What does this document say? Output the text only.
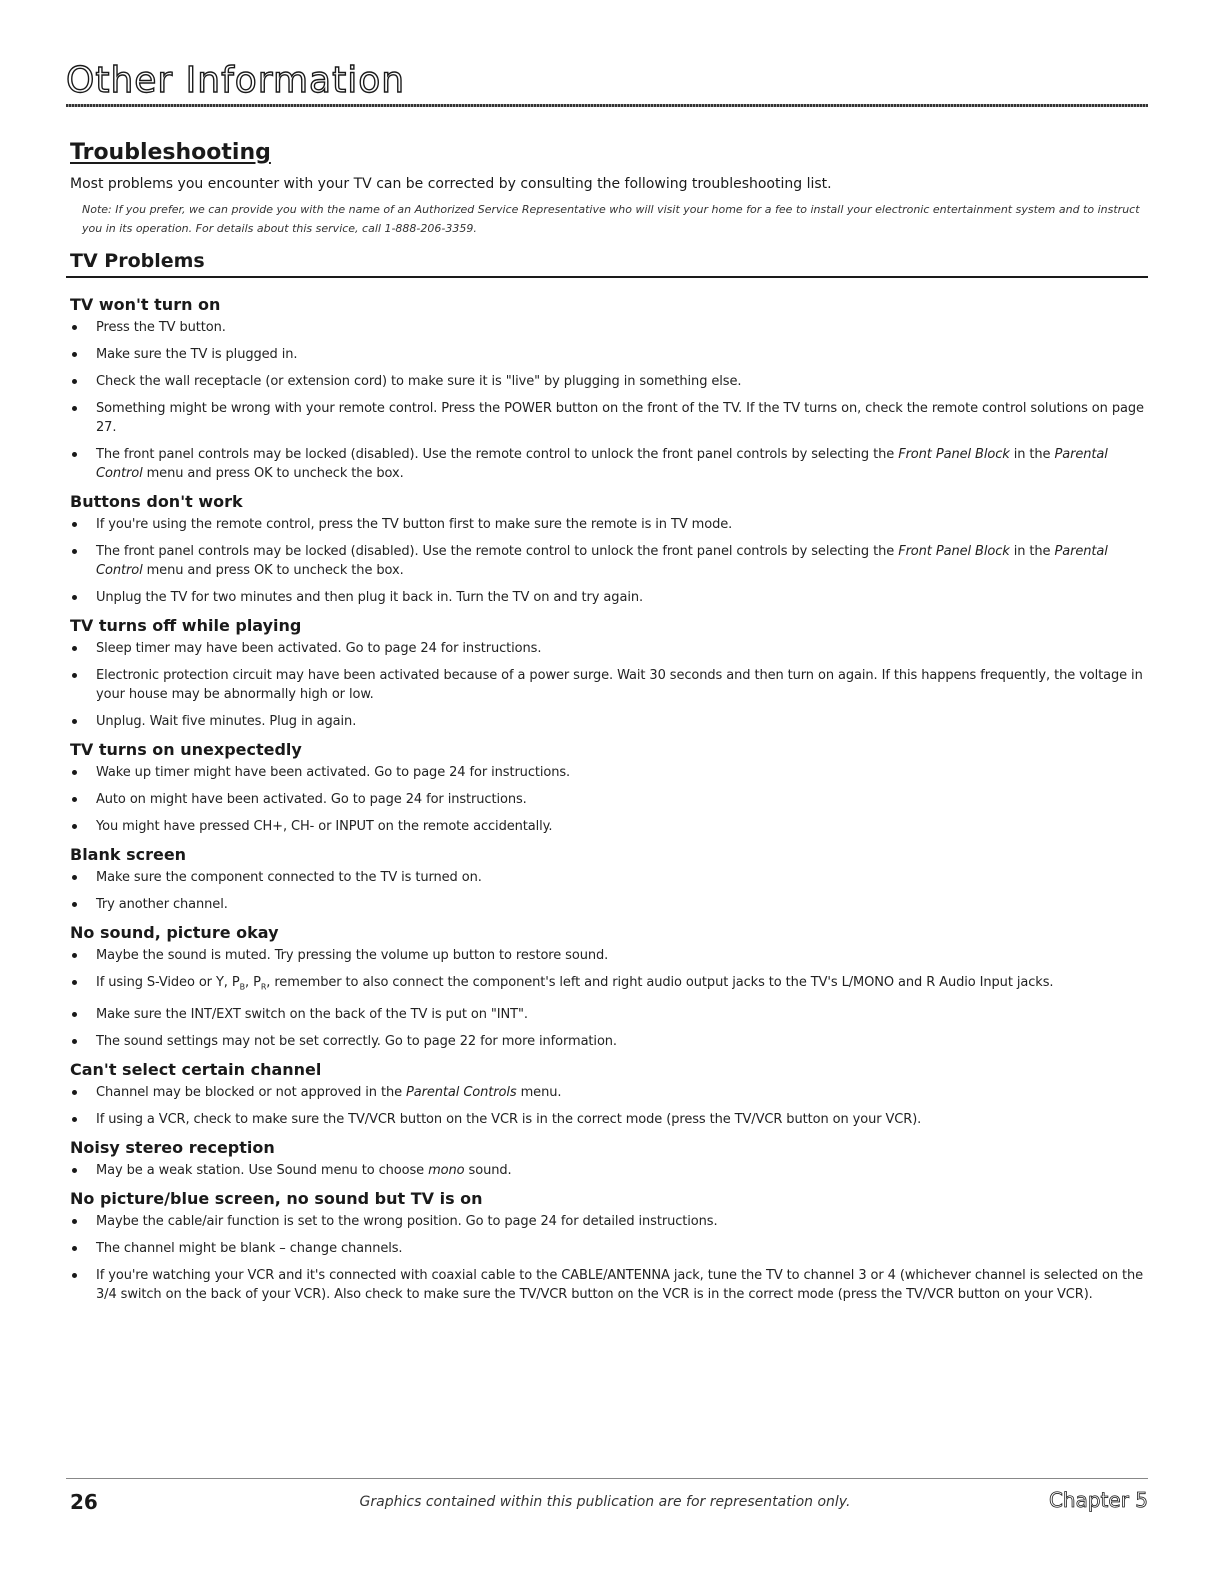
Other Information
Troubleshooting
Most problems you encounter with your TV can be corrected by consulting the following troubleshooting list.
Note: If you prefer, we can provide you with the name of an Authorized Service Representative who will visit your home for a fee to install your electronic entertainment system and to instruct you in its operation. For details about this service, call 1-888-206-3359.
TV Problems
TV won't turn on
Press the TV button.
Make sure the TV is plugged in.
Check the wall receptacle (or extension cord) to make sure it is "live" by plugging in something else.
Something might be wrong with your remote control. Press the POWER button on the front of the TV. If the TV turns on, check the remote control solutions on page 27.
The front panel controls may be locked (disabled). Use the remote control to unlock the front panel controls by selecting the Front Panel Block in the Parental Control menu and press OK to uncheck the box.
Buttons don't work
If you're using the remote control, press the TV button first to make sure the remote is in TV mode.
The front panel controls may be locked (disabled). Use the remote control to unlock the front panel controls by selecting the Front Panel Block in the Parental Control menu and press OK to uncheck the box.
Unplug the TV for two minutes and then plug it back in. Turn the TV on and try again.
TV turns off while playing
Sleep timer may have been activated. Go to page 24 for instructions.
Electronic protection circuit may have been activated because of a power surge. Wait 30 seconds and then turn on again. If this happens frequently, the voltage in your house may be abnormally high or low.
Unplug. Wait five minutes. Plug in again.
TV turns on unexpectedly
Wake up timer might have been activated. Go to page 24 for instructions.
Auto on might have been activated. Go to page 24 for instructions.
You might have pressed CH+, CH- or INPUT on the remote accidentally.
Blank screen
Make sure the component connected to the TV is turned on.
Try another channel.
No sound, picture okay
Maybe the sound is muted. Try pressing the volume up button to restore sound.
If using S-Video or Y, $P_B$, $P_R$, remember to also connect the component's left and right audio output jacks to the TV's L/MONO and R Audio Input jacks.
Make sure the INT/EXT switch on the back of the TV is put on "INT".
The sound settings may not be set correctly. Go to page 22 for more information.
Can't select certain channel
Channel may be blocked or not approved in the Parental Controls menu.
If using a VCR, check to make sure the TV/VCR button on the VCR is in the correct mode (press the TV/VCR button on your VCR).
Noisy stereo reception
May be a weak station. Use Sound menu to choose mono sound.
No picture/blue screen, no sound but TV is on
Maybe the cable/air function is set to the wrong position. Go to page 24 for detailed instructions.
The channel might be blank – change channels.
If you're watching your VCR and it's connected with coaxial cable to the CABLE/ANTENNA jack, tune the TV to channel 3 or 4 (whichever channel is selected on the 3/4 switch on the back of your VCR). Also check to make sure the TV/VCR button on the VCR is in the correct mode (press the TV/VCR button on your VCR).
26	Graphics contained within this publication are for representation only.	Chapter 5
